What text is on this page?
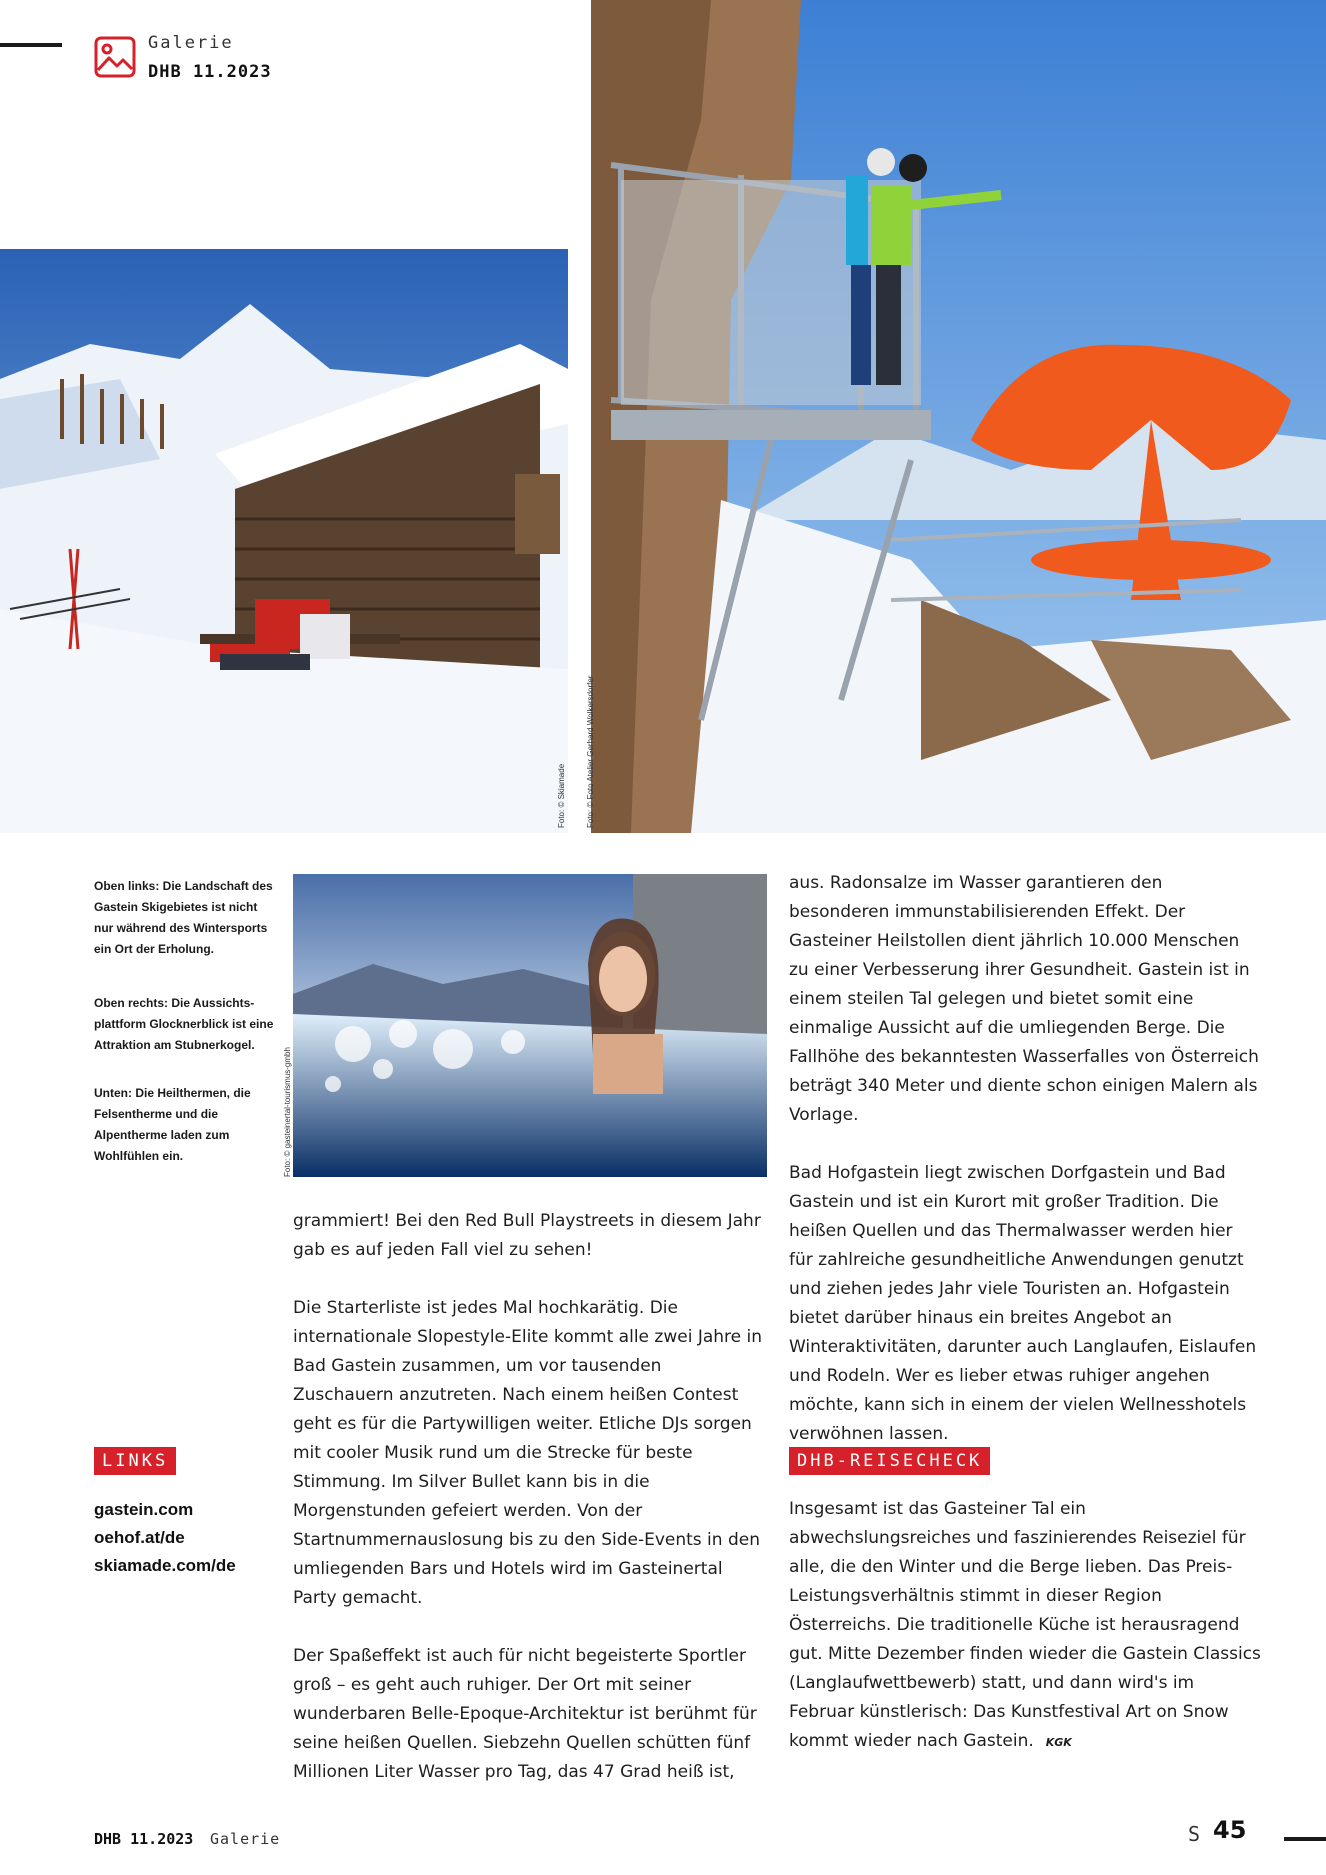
Galerie
DHB 11.2023
Foto: © Skiamade	Foto: © Foto Atelier Gerhard Wolkersdorfer
Foto: © gasteinertal-tourismus-gmbh
Oben links: Die Landschaft des Gastein Skigebietes ist nicht nur während des Wintersports ein Ort der Erholung.
Oben rechts: Die Aussichtsplattform Glocknerblick ist eine Attraktion am Stubnerkogel.
Unten: Die Heilthermen, die Felsentherme und die Alpentherme laden zum Wohlfühlen ein.
LINKS
gastein.com
oehof.at/de
skiamade.com/de

grammiert! Bei den Red Bull Playstreets in diesem Jahr gab es auf jeden Fall viel zu sehen!

Die Starterliste ist jedes Mal hochkarätig. Die internationale Slopestyle-Elite kommt alle zwei Jahre in Bad Gastein zusammen, um vor tausenden Zuschauern anzutreten. Nach einem heißen Contest geht es für die Partywilligen weiter. Etliche DJs sorgen mit cooler Musik rund um die Strecke für beste Stimmung. Im Silver Bullet kann bis in die Morgenstunden gefeiert werden. Von der Startnummernauslosung bis zu den Side-Events in den umliegenden Bars und Hotels wird im Gasteinertal Party gemacht.

Der Spaßeffekt ist auch für nicht begeisterte Sportler groß – es geht auch ruhiger. Der Ort mit seiner wunderbaren Belle-Epoque-Architektur ist berühmt für seine heißen Quellen. Siebzehn Quellen schütten fünf Millionen Liter Wasser pro Tag, das 47 Grad heiß ist,

aus. Radonsalze im Wasser garantieren den besonderen immunstabilisierenden Effekt. Der Gasteiner Heilstollen dient jährlich 10.000 Menschen zu einer Verbesserung ihrer Gesundheit. Gastein ist in einem steilen Tal gelegen und bietet somit eine einmalige Aussicht auf die umliegenden Berge. Die Fallhöhe des bekanntesten Wasserfalles von Österreich beträgt 340 Meter und diente schon einigen Malern als Vorlage.

Bad Hofgastein liegt zwischen Dorfgastein und Bad Gastein und ist ein Kurort mit großer Tradition. Die heißen Quellen und das Thermalwasser werden hier für zahlreiche gesundheitliche Anwendungen genutzt und ziehen jedes Jahr viele Touristen an. Hofgastein bietet darüber hinaus ein breites Angebot an Winteraktivitäten, darunter auch Langlaufen, Eislaufen und Rodeln. Wer es lieber etwas ruhiger angehen möchte, kann sich in einem der vielen Wellnesshotels verwöhnen lassen.

DHB-REISECHECK

Insgesamt ist das Gasteiner Tal ein abwechslungsreiches und faszinierendes Reiseziel für alle, die den Winter und die Berge lieben. Das Preis-Leistungsverhältnis stimmt in dieser Region Österreichs. Die traditionelle Küche ist herausragend gut. Mitte Dezember finden wieder die Gastein Classics (Langlaufwettbewerb) statt, und dann wird's im Februar künstlerisch: Das Kunstfestival Art on Snow kommt wieder nach Gastein. KGK

DHB 11.2023 Galerie	S 45
